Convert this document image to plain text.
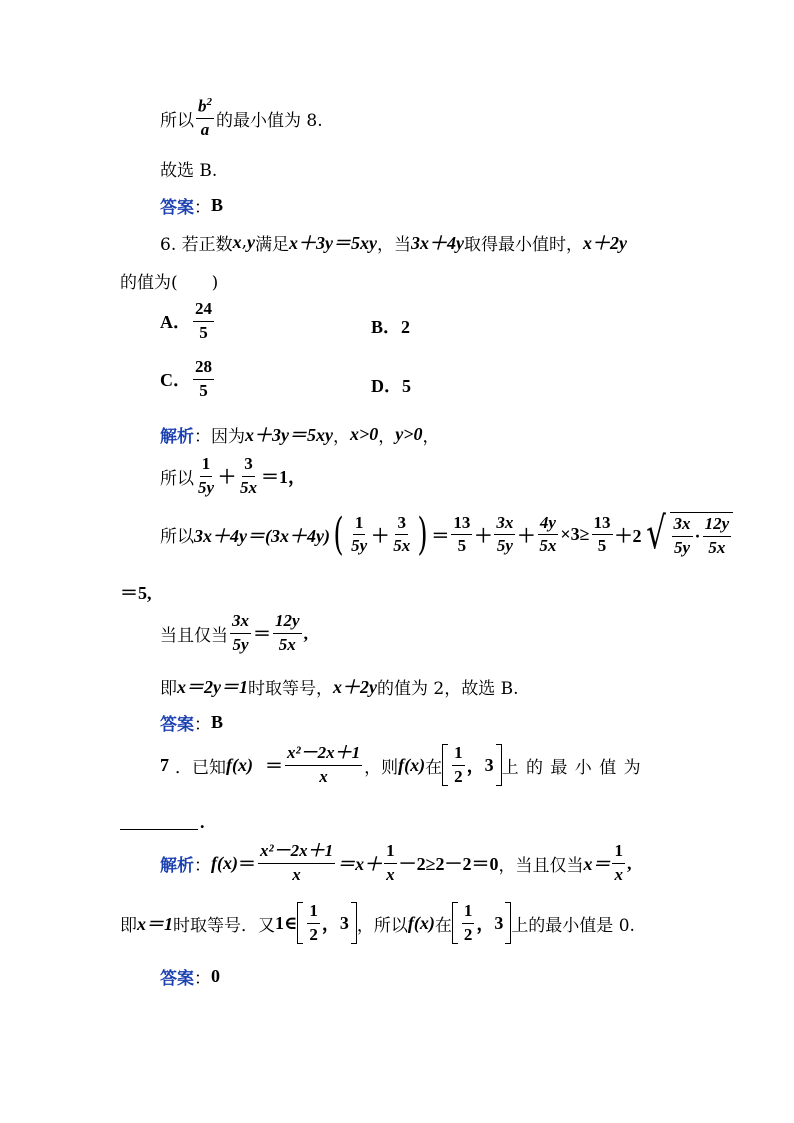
所以 $\frac{b^2}{a}$ 的最小值为 8.
故选 B.
答案 ： B
6. 若正数 x , y 满足 x＋3y＝5xy ，当 3x＋4y 取得最小值时， x＋2y
的值为(　　)
A． $\frac{24}{5}$	B．2
C． $\frac{28}{5}$	D．5
解析 ： 因为 x＋3y＝5xy ， x>0 ， y>0 ，
所以 $\frac{1}{5y} + \frac{3}{5x} =1$，
所以 3x＋4y＝(3x＋4y) ( $\frac{1}{5y} + \frac{3}{5x}$ ) ＝ $\frac{13}{5} + \frac{3x}{5y} + \frac{4y}{5x} \times 3\ge \frac{13}{5} +2$ √ $\frac{3x}{5y} \cdot \frac{12y}{5x}$
＝5,
当且仅当 $\frac{3x}{5y} = \frac{12y}{5x}$ ,
即 x＝2y＝1 时取等号， x＋2y 的值为 2，故选 B.
答案 ： B
7 ．已知 $f(x) = \frac{\text{x²－2x＋1}}{x}$ ，则 f(x) 在 $\frac{1}{2}$ ， 3 上 的 最 小 值 为
.
解析 ： $f(x) = \frac{\text{x²－2x＋1}}{x} =x+ \frac{1}{x} -2\ge 2-2=0$ ，当且仅当 $x= \frac{1}{x}$ ,
即 x＝1 时取等号．又 1∈ $\frac{1}{2}$ ， 3 ，所以 f(x) 在 $\frac{1}{2}$ ， 3 上的最小值是 0.
答案 ： 0
